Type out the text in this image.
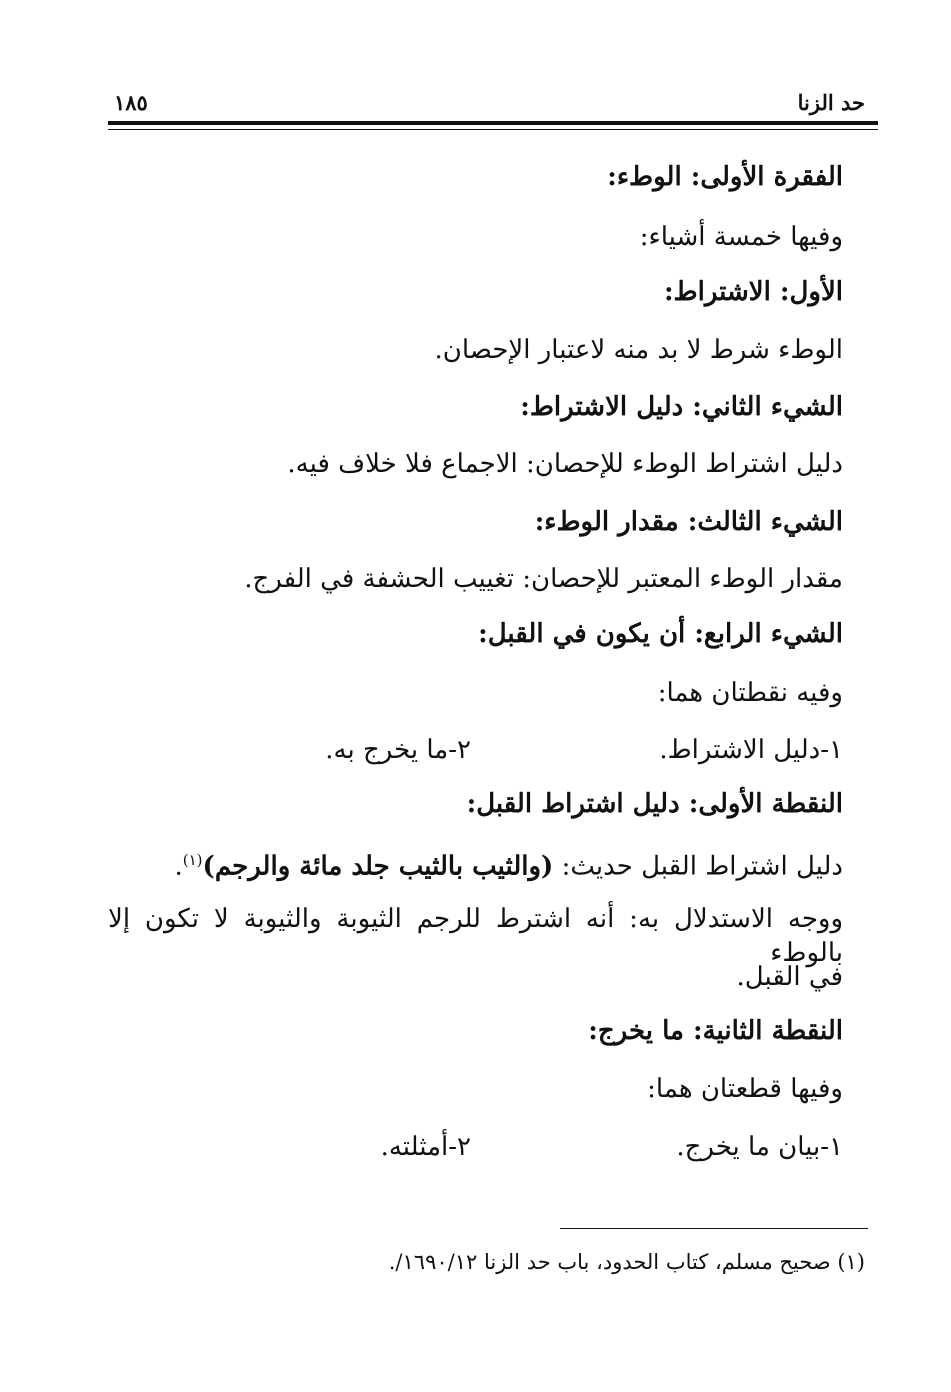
حد الزنا
١٨٥
الفقرة الأولى: الوطء:
وفيها خمسة أشياء:
الأول: الاشتراط:
الوطء شرط لا بد منه لاعتبار الإحصان.
الشيء الثاني: دليل الاشتراط:
دليل اشتراط الوطء للإحصان: الاجماع فلا خلاف فيه.
الشيء الثالث: مقدار الوطء:
مقدار الوطء المعتبر للإحصان: تغييب الحشفة في الفرج.
الشيء الرابع: أن يكون في القبل:
وفيه نقطتان هما:
١-دليل الاشتراط.
٢-ما يخرج به.
النقطة الأولى: دليل اشتراط القبل:
دليل اشتراط القبل حديث: (والثيب بالثيب جلد مائة والرجم)$^{(١)}$.
ووجه الاستدلال به: أنه اشترط للرجم الثيوبة والثيوبة لا تكون إلا بالوطء
في القبل.
النقطة الثانية: ما يخرج:
وفيها قطعتان هما:
١-بيان ما يخرج.
٢-أمثلته.
(١) صحيح مسلم، كتاب الحدود، باب حد الزنا ١٦٩٠/١٢/.
